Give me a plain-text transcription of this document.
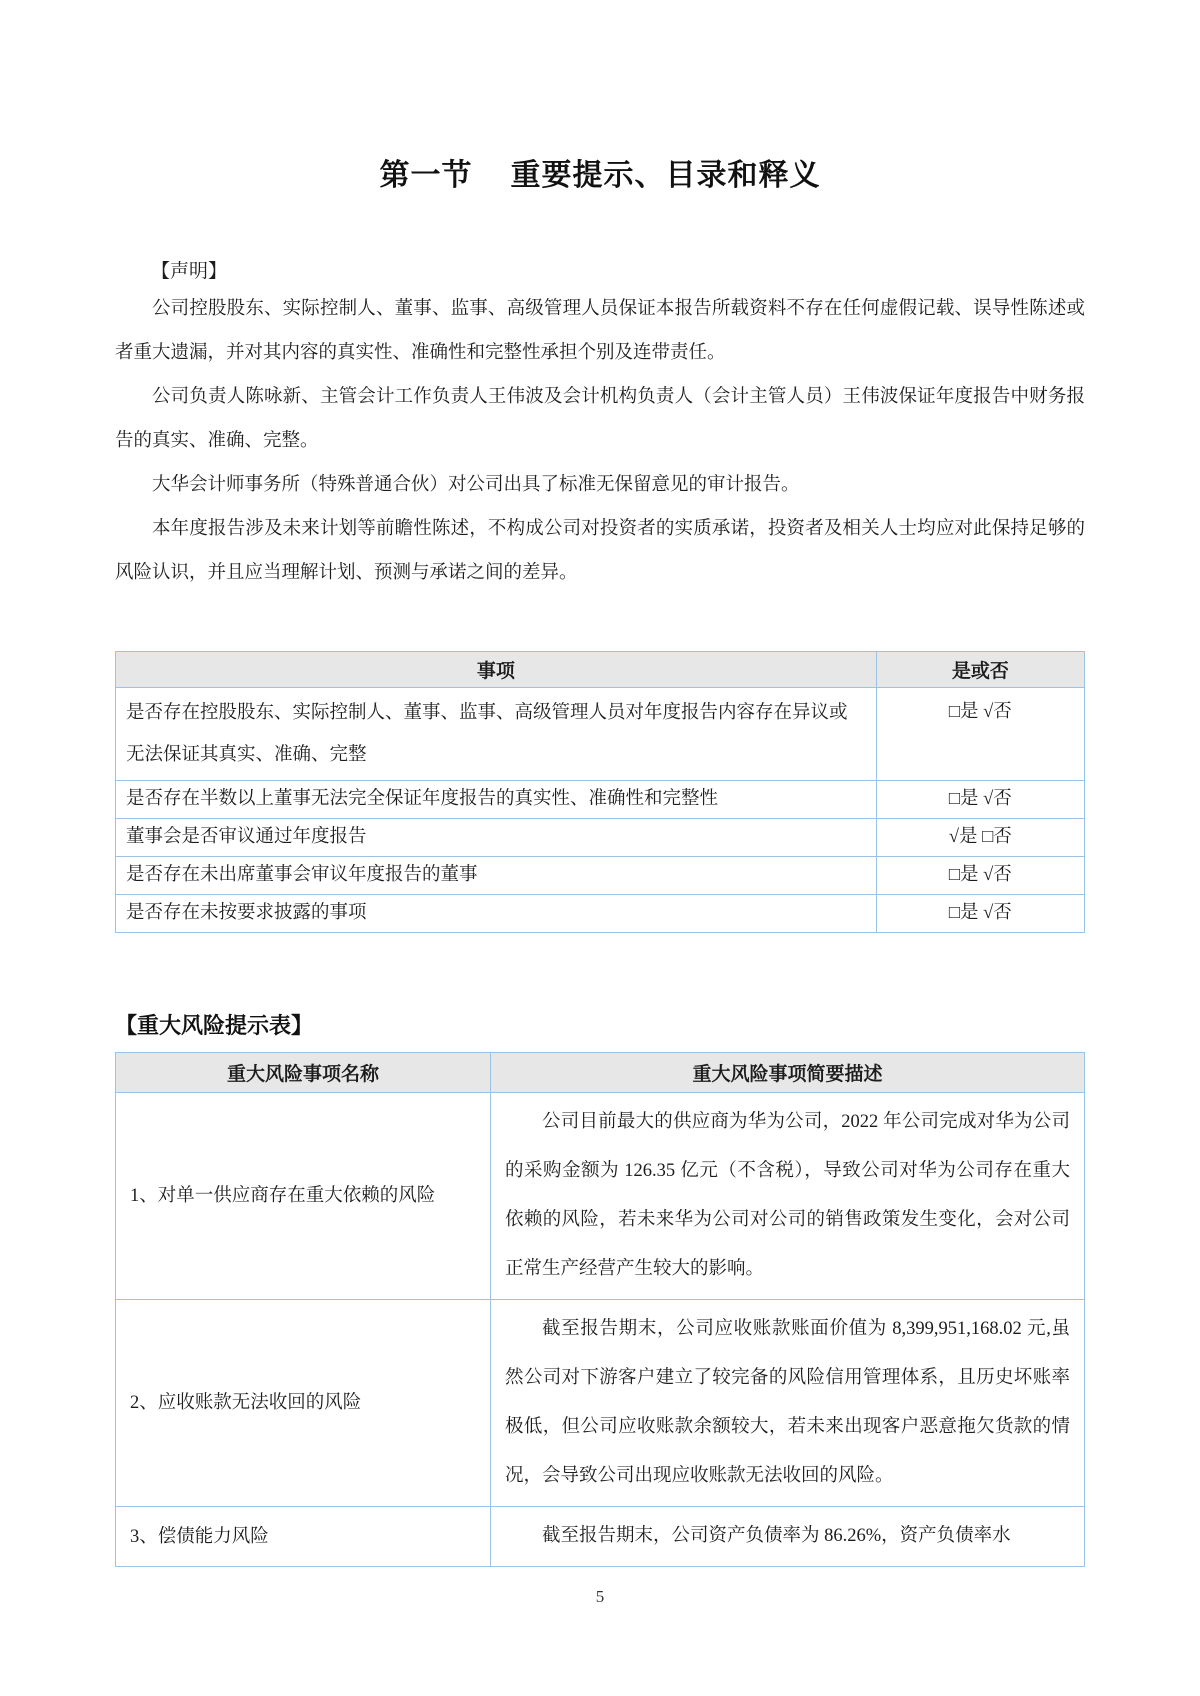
第一节 重要提示、目录和释义
【声明】

公司控股股东、实际控制人、董事、监事、高级管理人员保证本报告所载资料不存在任何虚假记载、误导性陈述或者重大遗漏，并对其内容的真实性、准确性和完整性承担个别及连带责任。

公司负责人陈咏新、主管会计工作负责人王伟波及会计机构负责人（会计主管人员）王伟波保证年度报告中财务报告的真实、准确、完整。

大华会计师事务所（特殊普通合伙）对公司出具了标准无保留意见的审计报告。

本年度报告涉及未来计划等前瞻性陈述，不构成公司对投资者的实质承诺，投资者及相关人士均应对此保持足够的风险认识，并且应当理解计划、预测与承诺之间的差异。

事项	是或否
是否存在控股股东、实际控制人、董事、监事、高级管理人员对年度报告内容存在异议或无法保证其真实、准确、完整	□是 √否
是否存在半数以上董事无法完全保证年度报告的真实性、准确性和完整性	□是 √否
董事会是否审议通过年度报告	√是 □否
是否存在未出席董事会审议年度报告的董事	□是 √否
是否存在未按要求披露的事项	□是 √否
【重大风险提示表】
重大风险事项名称	重大风险事项简要描述
1、对单一供应商存在重大依赖的风险	公司目前最大的供应商为华为公司，2022 年公司完成对华为公司的采购金额为 126.35 亿元（不含税），导致公司对华为公司存在重大依赖的风险，若未来华为公司对公司的销售政策发生变化，会对公司正常生产经营产生较大的影响。
2、应收账款无法收回的风险	截至报告期末，公司应收账款账面价值为 8,399,951,168.02 元,虽然公司对下游客户建立了较完备的风险信用管理体系，且历史坏账率极低，但公司应收账款余额较大，若未来出现客户恶意拖欠货款的情况，会导致公司出现应收账款无法收回的风险。
3、偿债能力风险	截至报告期末，公司资产负债率为 86.26%，资产负债率水
5
